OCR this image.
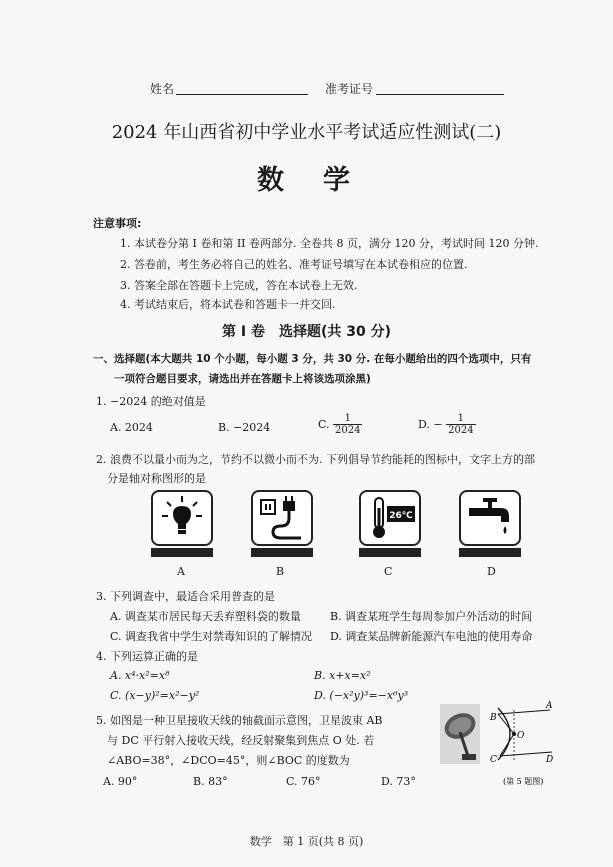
姓名	准考证号
2024 年山西省初中学业水平考试适应性测试(二)
数　学
注意事项:
1. 本试卷分第 I 卷和第 II 卷两部分. 全卷共 8 页，满分 120 分，考试时间 120 分钟.
2. 答卷前，考生务必将自己的姓名、准考证号填写在本试卷相应的位置.
3. 答案全部在答题卡上完成，答在本试卷上无效.
4. 考试结束后，将本试卷和答题卡一并交回.
第 I 卷　选择题(共 30 分)
一、选择题(本大题共 10 个小题，每小题 3 分，共 30 分. 在每小题给出的四个选项中，只有
　　一项符合题目要求，请选出并在答题卡上将该选项涂黑)
1. −2024 的绝对值是
A. 2024	B. −2024	C. $\frac{1}{2024}$	D. − $\frac{1}{2024}$
2. 浪费不以量小而为之，节约不以微小而不为. 下列倡导节约能耗的图标中，文字上方的部
　分是轴对称图形的是
A	B
26℃
C	D
3. 下列调查中，最适合采用普查的是
A. 调查某市居民每天丢弃塑料袋的数量	B. 调查某班学生每周参加户外活动的时间
C. 调查我省中学生对禁毒知识的了解情况 D. 调查某品牌新能源汽车电池的使用寿命
4. 下列运算正确的是
A. x⁴·x²=x⁸	B. x+x=x²
C. (x−y)²=x²−y²	D. (−x²y)³=−x⁶y³
5. 如图是一种卫星接收天线的轴截面示意图，卫星波束 AB
　与 DC 平行射入接收天线，经反射聚集到焦点 O 处. 若
　∠ABO=38°，∠DCO=45°，则∠BOC 的度数为
A. 90°	B. 83°	C. 76°	D. 73°
B
A
O
C	D
(第 5 题图)
数学　第 1 页(共 8 页)
